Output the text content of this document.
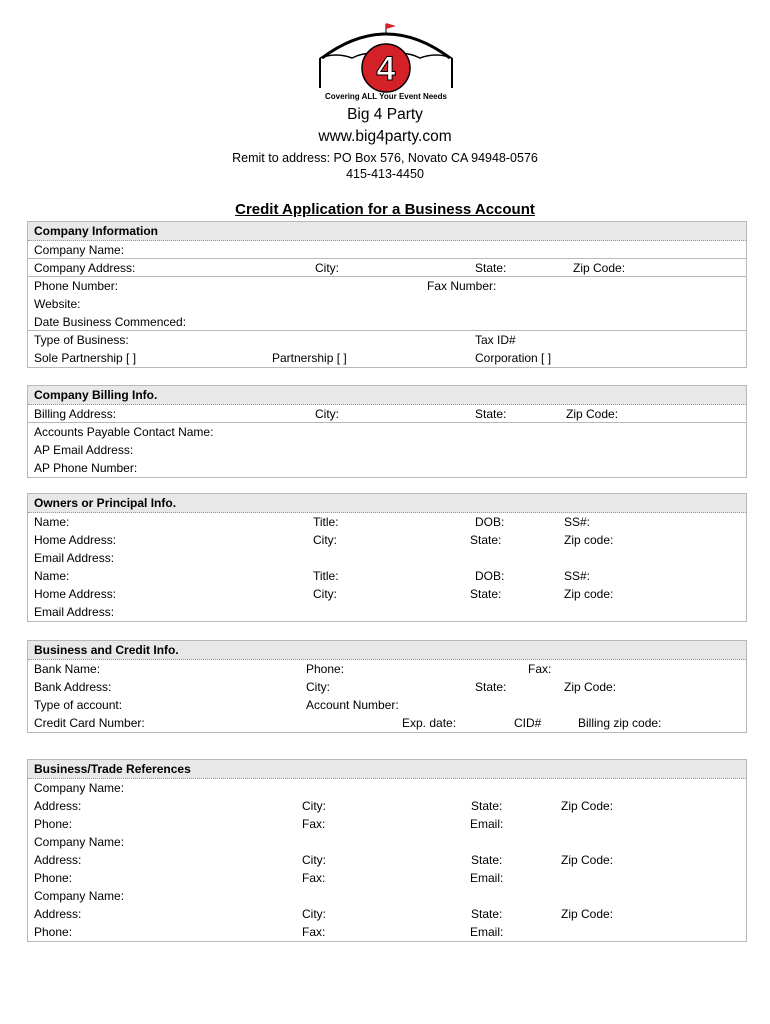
4
Covering ALL Your Event Needs
Big 4 Party
www.big4party.com
Remit to address: PO Box 576, Novato CA 94948-0576
415-413-4450
Credit Application for a Business Account
Company Information
Company Name:
Company Address:	City:	State:	Zip Code:
Phone Number:	Fax Number:
Website:
Date Business Commenced:
Type of Business:	Tax ID#
Sole Partnership [ ]	Partnership [ ]	Corporation [ ]
Company Billing Info.
Billing Address:	City:	State:	Zip Code:
Accounts Payable Contact Name:
AP Email Address:
AP Phone Number:
Owners or Principal Info.
Name:	Title:	DOB:	SS#:
Home Address:	City:	State:	Zip code:
Email Address:
Name:	Title:	DOB:	SS#:
Home Address:	City:	State:	Zip code:
Email Address:
Business and Credit Info.
Bank Name:	Phone:	Fax:
Bank Address:	City:	State:	Zip Code:
Type of account:	Account Number:
Credit Card Number:	Exp. date:	CID#	Billing zip code:
Business/Trade References
Company Name:
Address:	City:	State:	Zip Code:
Phone:	Fax:	Email:
Company Name:
Address:	City:	State:	Zip Code:
Phone:	Fax:	Email:
Company Name:
Address:	City:	State:	Zip Code:
Phone:	Fax:	Email:
